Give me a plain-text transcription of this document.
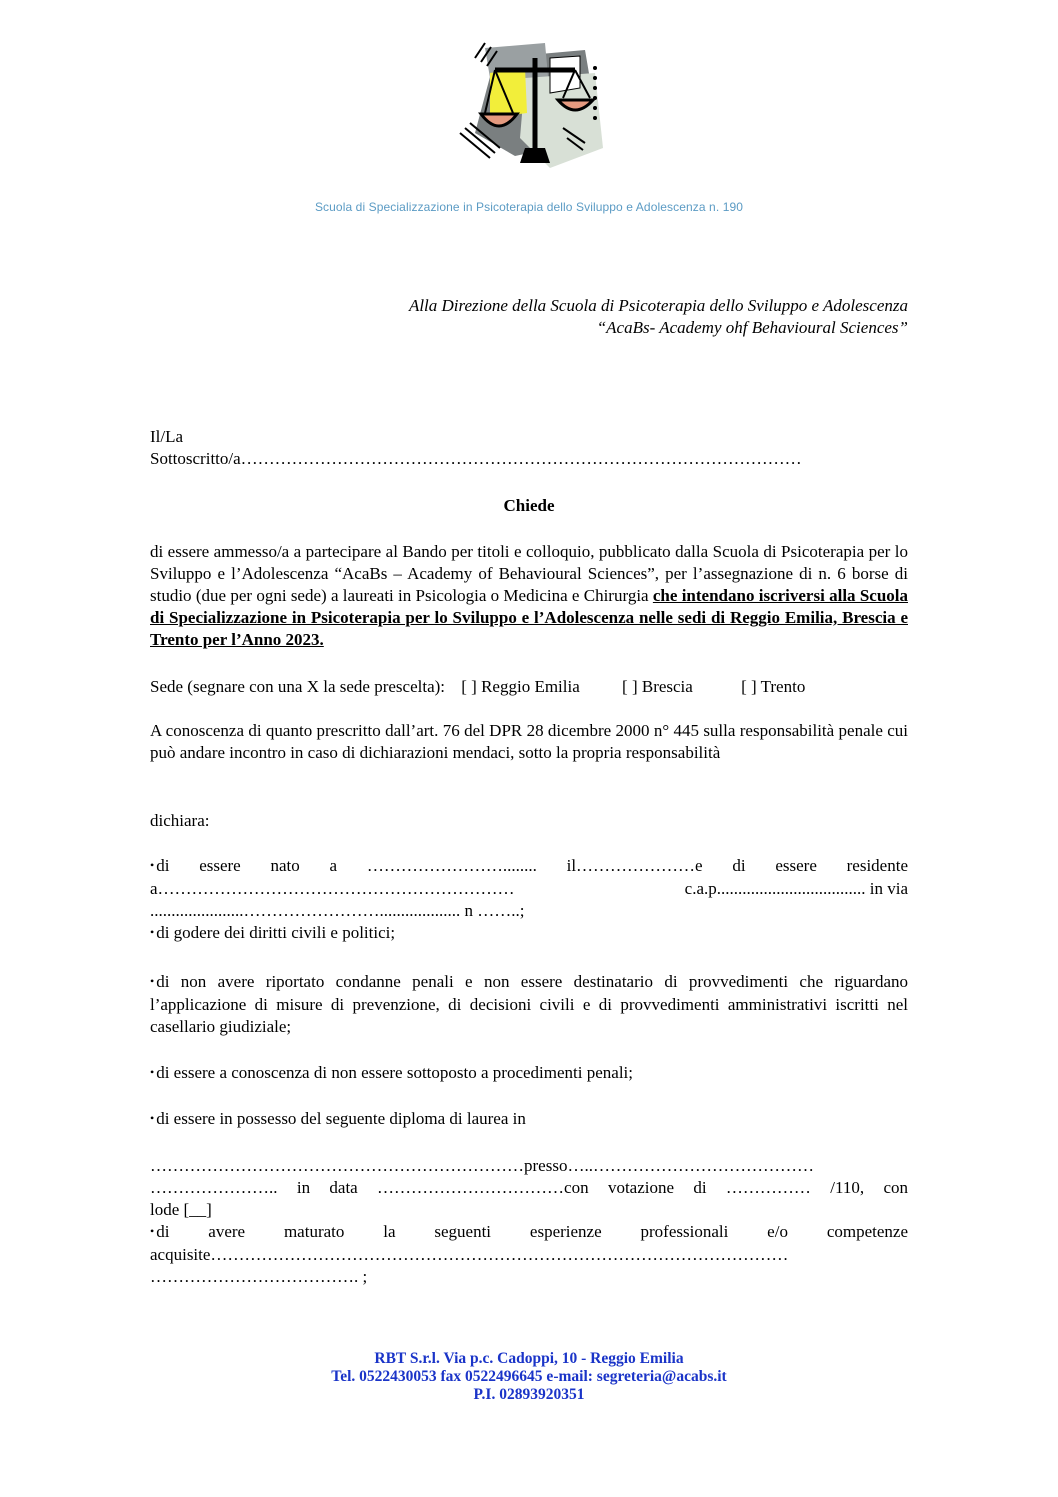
Scuola di Specializzazione in Psicoterapia dello Sviluppo e Adolescenza n. 190
Alla Direzione della Scuola di Psicoterapia dello Sviluppo e Adolescenza
“AcaBs- Academy ohf Behavioural Sciences”
Il/La
Sottoscritto/a………………………………………………………………………………………
Chiede
di essere ammesso/a a partecipare al Bando per titoli e colloquio, pubblicato dalla Scuola di Psicoterapia per lo Sviluppo e l’Adolescenza “AcaBs – Academy of Behavioural Sciences”, per l’assegnazione di n. 6 borse di studio (due per ogni sede) a laureati in Psicologia o Medicina e Chirurgia che intendano iscriversi alla Scuola di Specializzazione in Psicoterapia per lo Sviluppo e l’Adolescenza nelle sedi di Reggio Emilia, Brescia e Trento per l’Anno 2023.
Sede (segnare con una X la sede prescelta): [ ] Reggio Emilia [ ] Brescia	[ ] Trento
A conoscenza di quanto prescritto dall’art. 76 del DPR 28 dicembre 2000 n° 445 sulla responsabilità penale cui può andare incontro in caso di dichiarazioni mendaci, sotto la propria responsabilità
dichiara:
• di essere nato a ……………………........ il…………………e di essere residente
a………………………………………………………	c.a.p................................... in via
......................……………………................... n ……..;
• di godere dei diritti civili e politici;
• di non avere riportato condanne penali e non essere destinatario di provvedimenti che riguardano l’applicazione di misure di prevenzione, di decisioni civili e di provvedimenti amministrativi iscritti nel casellario giudiziale;
• di essere a conoscenza di non essere sottoposto a procedimenti penali;
• di essere in possesso del seguente diploma di laurea in
…………………………………………………………presso…..…………………………………
………………….. in data ……………………………con votazione di …………… /110, con
lode [__]
• di avere maturato la seguenti esperienze professionali e/o competenze
acquisite…………………………………………………………………………………………
………………………………. ;
RBT S.r.l. Via p.c. Cadoppi, 10 - Reggio Emilia
Tel. 0522430053 fax 0522496645 e-mail: segreteria@acabs.it
P.I. 02893920351
